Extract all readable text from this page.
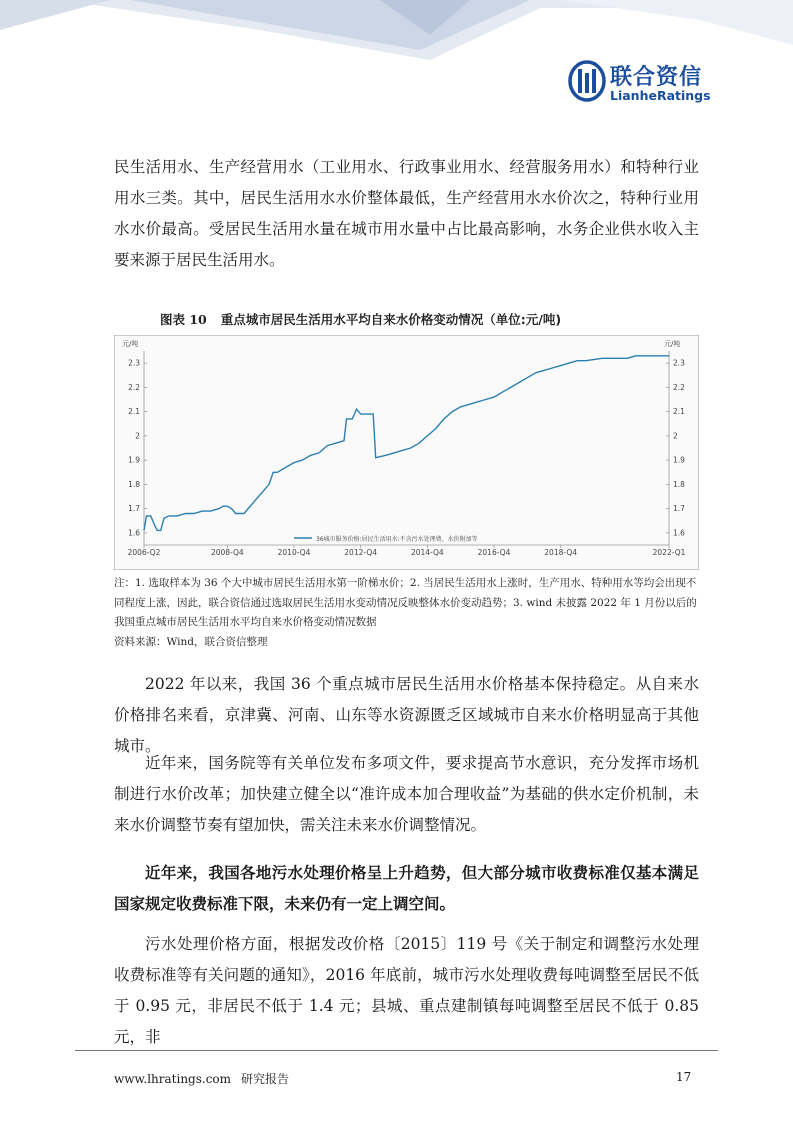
联合资信
LianheRatings

民生活用水、生产经营用水（工业用水、行政事业用水、经营服务用水）和特种行业用水三类。其中，居民生活用水水价整体最低，生产经营用水水价次之，特种行业用水水价最高。受居民生活用水量在城市用水量中占比最高影响，水务企业供水收入主要来源于居民生活用水。

图表 10 重点城市居民生活用水平均自来水价格变动情况（单位:元/吨)
元/吨	元/吨
1.6	1.6
1.7	1.7
1.8	1.8
1.9	1.9
2	2
2.1	2.1
2.2	2.2
2.3	2.3
2006-Q2	2008-Q4	2010-Q4	2012-Q4	2014-Q4	2016-Q4	2018-Q4	2022-Q1
36城市服务价格:居民生活用水:不含污水处理费、水价附加等

注：1. 选取样本为 36 个大中城市居民生活用水第一阶梯水价；2. 当居民生活用水上涨时，生产用水、特种用水等均会出现不同程度上涨，因此，联合资信通过选取居民生活用水变动情况反映整体水价变动趋势；3. wind 未披露 2022 年 1 月份以后的我国重点城市居民生活用水平均自来水价格变动情况数据

资料来源：Wind，联合资信整理

2022 年以来，我国 36 个重点城市居民生活用水价格基本保持稳定。从自来水价格排名来看，京津冀、河南、山东等水资源匮乏区域城市自来水价格明显高于其他城市。

近年来，国务院等有关单位发布多项文件，要求提高节水意识，充分发挥市场机制进行水价改革；加快建立健全以“准许成本加合理收益”为基础的供水定价机制，未来水价调整节奏有望加快，需关注未来水价调整情况。

近年来，我国各地污水处理价格呈上升趋势，但大部分城市收费标准仅基本满足国家规定收费标准下限，未来仍有一定上调空间。

污水处理价格方面，根据发改价格〔2015〕119 号《关于制定和调整污水处理收费标准等有关问题的通知》，2016 年底前，城市污水处理收费每吨调整至居民不低于 0.95 元，非居民不低于 1.4 元；县城、重点建制镇每吨调整至居民不低于 0.85 元，非

www.lhratings.com 研究报告	17
